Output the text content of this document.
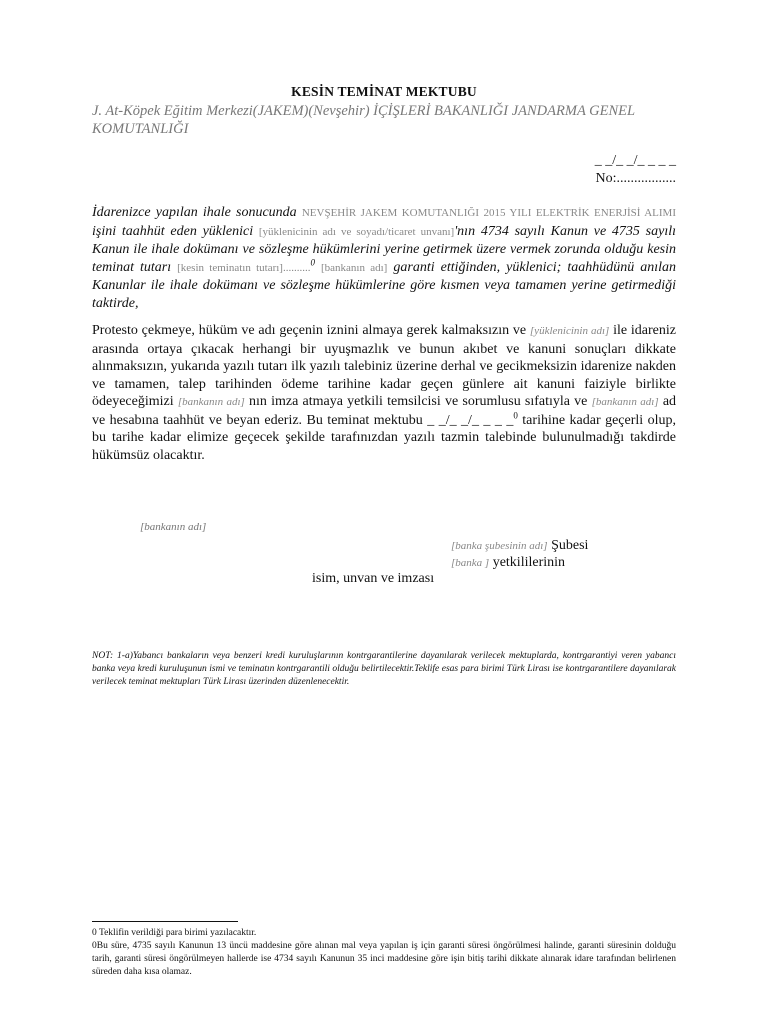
KESİN TEMİNAT MEKTUBU
J. At-Köpek Eğitim Merkezi(JAKEM)(Nevşehir) İÇİŞLERİ BAKANLIĞI JANDARMA GENEL KOMUTANLIĞI
_ _/_ _/_ _ _ _
No:.................
İdarenizce yapılan ihale sonucunda NEVŞEHİR JAKEM KOMUTANLIĞI 2015 YILI ELEKTRİK ENERJİSİ ALIMI işini taahhüt eden yüklenici [yüklenicinin adı ve soyadı/ticaret unvanı]'nın 4734 sayılı Kanun ve 4735 sayılı Kanun ile ihale dokümanı ve sözleşme hükümlerini yerine getirmek üzere vermek zorunda olduğu kesin teminat tutarı [kesin teminatın tutarı]..........$^0$ [bankanın adı] garanti ettiğinden, yüklenici; taahhüdünü anılan Kanunlar ile ihale dokümanı ve sözleşme hükümlerine göre kısmen veya tamamen yerine getirmediği taktirde,
Protesto çekmeye, hüküm ve adı geçenin iznini almaya gerek kalmaksızın ve [yüklenicinin adı] ile idareniz arasında ortaya çıkacak herhangi bir uyuşmazlık ve bunun akıbet ve kanuni sonuçları dikkate alınmaksızın, yukarıda yazılı tutarı ilk yazılı talebiniz üzerine derhal ve gecikmeksizin idarenize nakden ve tamamen, talep tarihinden ödeme tarihine kadar geçen günlere ait kanuni faiziyle birlikte ödeyeceğimizi [bankanın adı] nın imza atmaya yetkili temsilcisi ve sorumlusu sıfatıyla ve [bankanın adı] ad ve hesabına taahhüt ve beyan ederiz. Bu teminat mektubu _ _/_ _/_ _ _ _$^0$ tarihine kadar geçerli olup, bu tarihe kadar elimize geçecek şekilde tarafınızdan yazılı tazmin talebinde bulunulmadığı takdirde hükümsüz olacaktır.
[bankanın adı]
[banka şubesinin adı] Şubesi
[banka ] yetkililerinin
isim, unvan ve imzası
NOT: 1-a)Yabancı bankaların veya benzeri kredi kuruluşlarının kontrgarantilerine dayanılarak verilecek mektuplarda, kontrgarantiyi veren yabancı banka veya kredi kuruluşunun ismi ve teminatın kontrgarantili olduğu belirtilecektir.Teklife esas para birimi Türk Lirası ise kontrgarantilere dayanılarak verilecek teminat mektupları Türk Lirası üzerinden düzenlenecektir.
0 Teklifin verildiği para birimi yazılacaktır.
0Bu süre, 4735 sayılı Kanunun 13 üncü maddesine göre alınan mal veya yapılan iş için garanti süresi öngörülmesi halinde, garanti süresinin dolduğu tarih, garanti süresi öngörülmeyen hallerde ise 4734 sayılı Kanunun 35 inci maddesine göre işin bitiş tarihi dikkate alınarak idare tarafından belirlenen süreden daha kısa olamaz.
